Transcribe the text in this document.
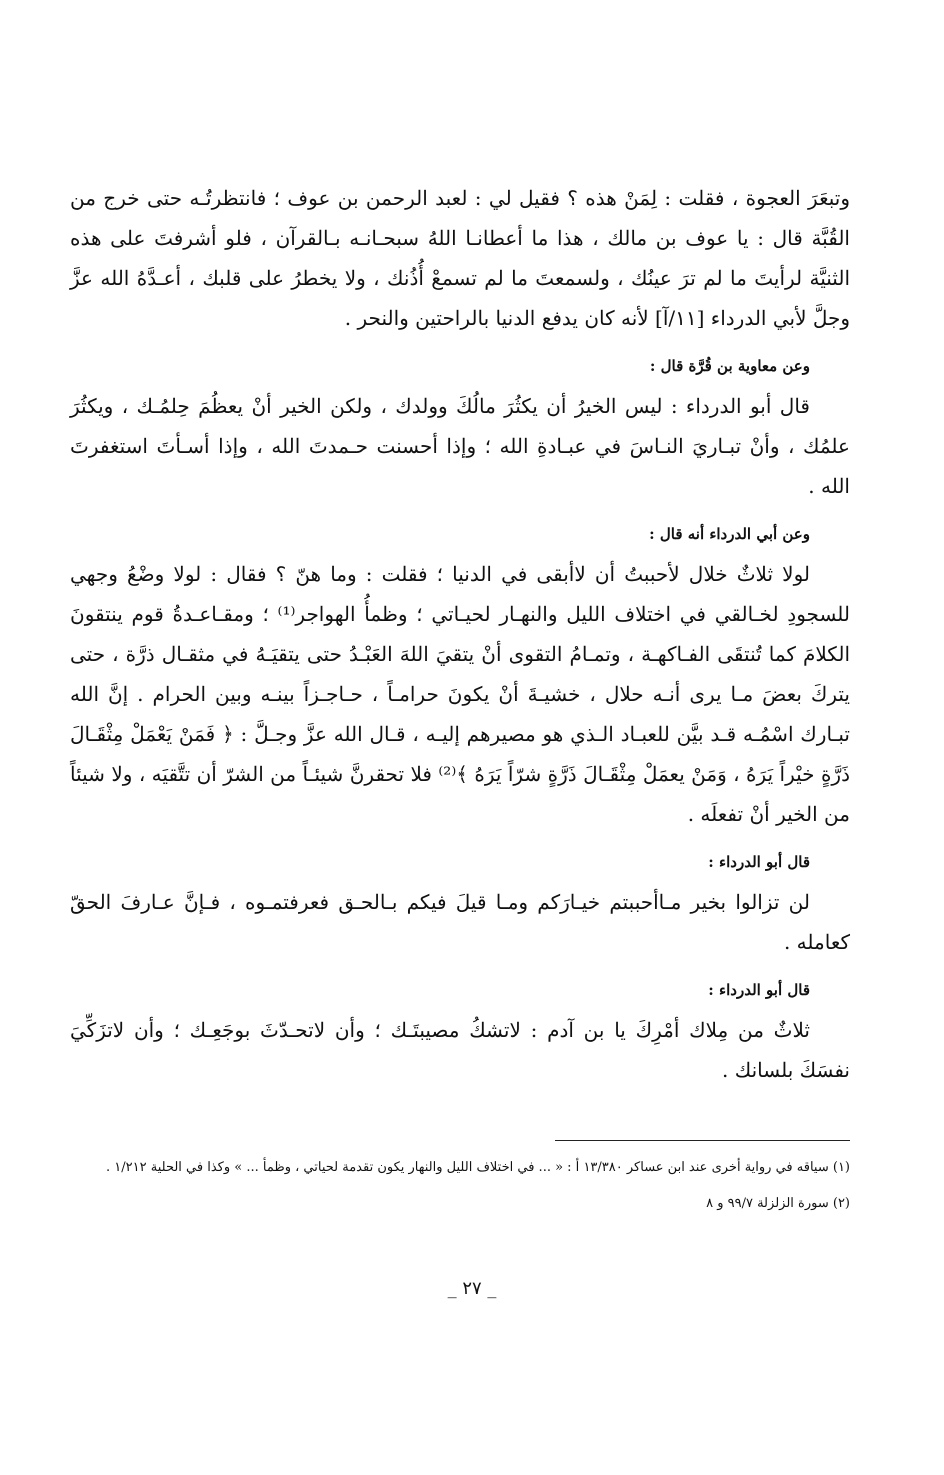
وتبعَرَ العجوة ، فقلت : لِمَنْ هذه ؟ فقيل لي : لعبد الرحمن بن عوف ؛ فانتظرتُـه حتى خرج من القُبَّة قال : يا عوف بن مالك ، هذا ما أعطانـا اللهُ سبحـانـه بـالقرآن ، فلو أشرفتَ على هذه الثنيَّة لرأيتَ ما لم ترَ عينُك ، ولسمعتَ ما لم تسمعْ أُذُنك ، ولا يخطرُ على قلبك ، أعـدَّهُ الله عزَّ وجلَّ لأبي الدرداء [١١/آ] لأنه كان يدفع الدنيا بالراحتين والنحر .

وعن معاوية بن قُرَّة قال :

قال أبو الدرداء : ليس الخيرُ أن يكثُرَ مالُكَ وولدك ، ولكن الخير أنْ يعظُمَ حِلمُـك ، ويكثُرَ علمُك ، وأنْ تبـاريَ النـاسَ في عبـادةِ الله ؛ وإذا أحسنت حـمدتَ الله ، وإذا أسـأتَ استغفرتَ الله .

وعن أبي الدرداء أنه قال :

لولا ثلاثٌ خلال لأحببتُ أن لاأبقى في الدنيا ؛ فقلت : وما هنّ ؟ فقال : لولا وضْعُ وجهي للسجودِ لخـالقي في اختلاف الليل والنهـار لحيـاتي ؛ وظمأُ الهواجر⁽¹⁾ ؛ ومقـاعـدةُ قوم ينتقونَ الكلامَ كما تُنتقَى الفـاكهـة ، وتمـامُ التقوى أنْ يتقيَ اللهَ العَبْـدُ حتى يتقيَـهُ في مثقـال ذرَّة ، حتى يتركَ بعضَ مـا يرى أنـه حلال ، خشيـةَ أنْ يكونَ حرامـاً ، حـاجـزاً بينـه وبين الحرام . إنَّ الله تبـارك اسْمُـه قـد بيَّن للعبـاد الـذي هو مصيرهم إليـه ، قـال الله عزَّ وجـلَّ : ﴿ فَمَنْ يَعْمَلْ مِثْقَـالَ ذَرَّةٍ خيْراً يَرَهُ ، وَمَنْ يعمَلْ مِثْقَـالَ ذَرَّةٍ شرّاً يَرَهُ ﴾⁽²⁾ فلا تحقرنَّ شيئـاً من الشرّ أن تتَّقيَه ، ولا شيئاً من الخير أنْ تفعلَه .

قال أبو الدرداء :

لن تزالوا بخير مـاأحببتم خيـارَكم ومـا قيلَ فيكم بـالحـق فعرفتمـوه ، فـإنَّ عـارفَ الحقّ كعامله .

قال أبو الدرداء :

ثلاثٌ من مِلاك أمْرِكَ يا بن آدم : لاتشكُ مصيبتَـك ؛ وأن لاتحـدّثَ بوجَعِـك ؛ وأن لاتزَكِّيَ نفسَكَ بلسانك .

(١) سياقه في رواية أخرى عند ابن عساكر ١٣/٣٨٠ أ : « ... في اختلاف الليل والنهار يكون تقدمة لحياتي ، وظمأ ... » وكذا في الحلية ١/٢١٢ .

(٢) سورة الزلزلة ٩٩/٧ و ٨

_ ٢٧ _
